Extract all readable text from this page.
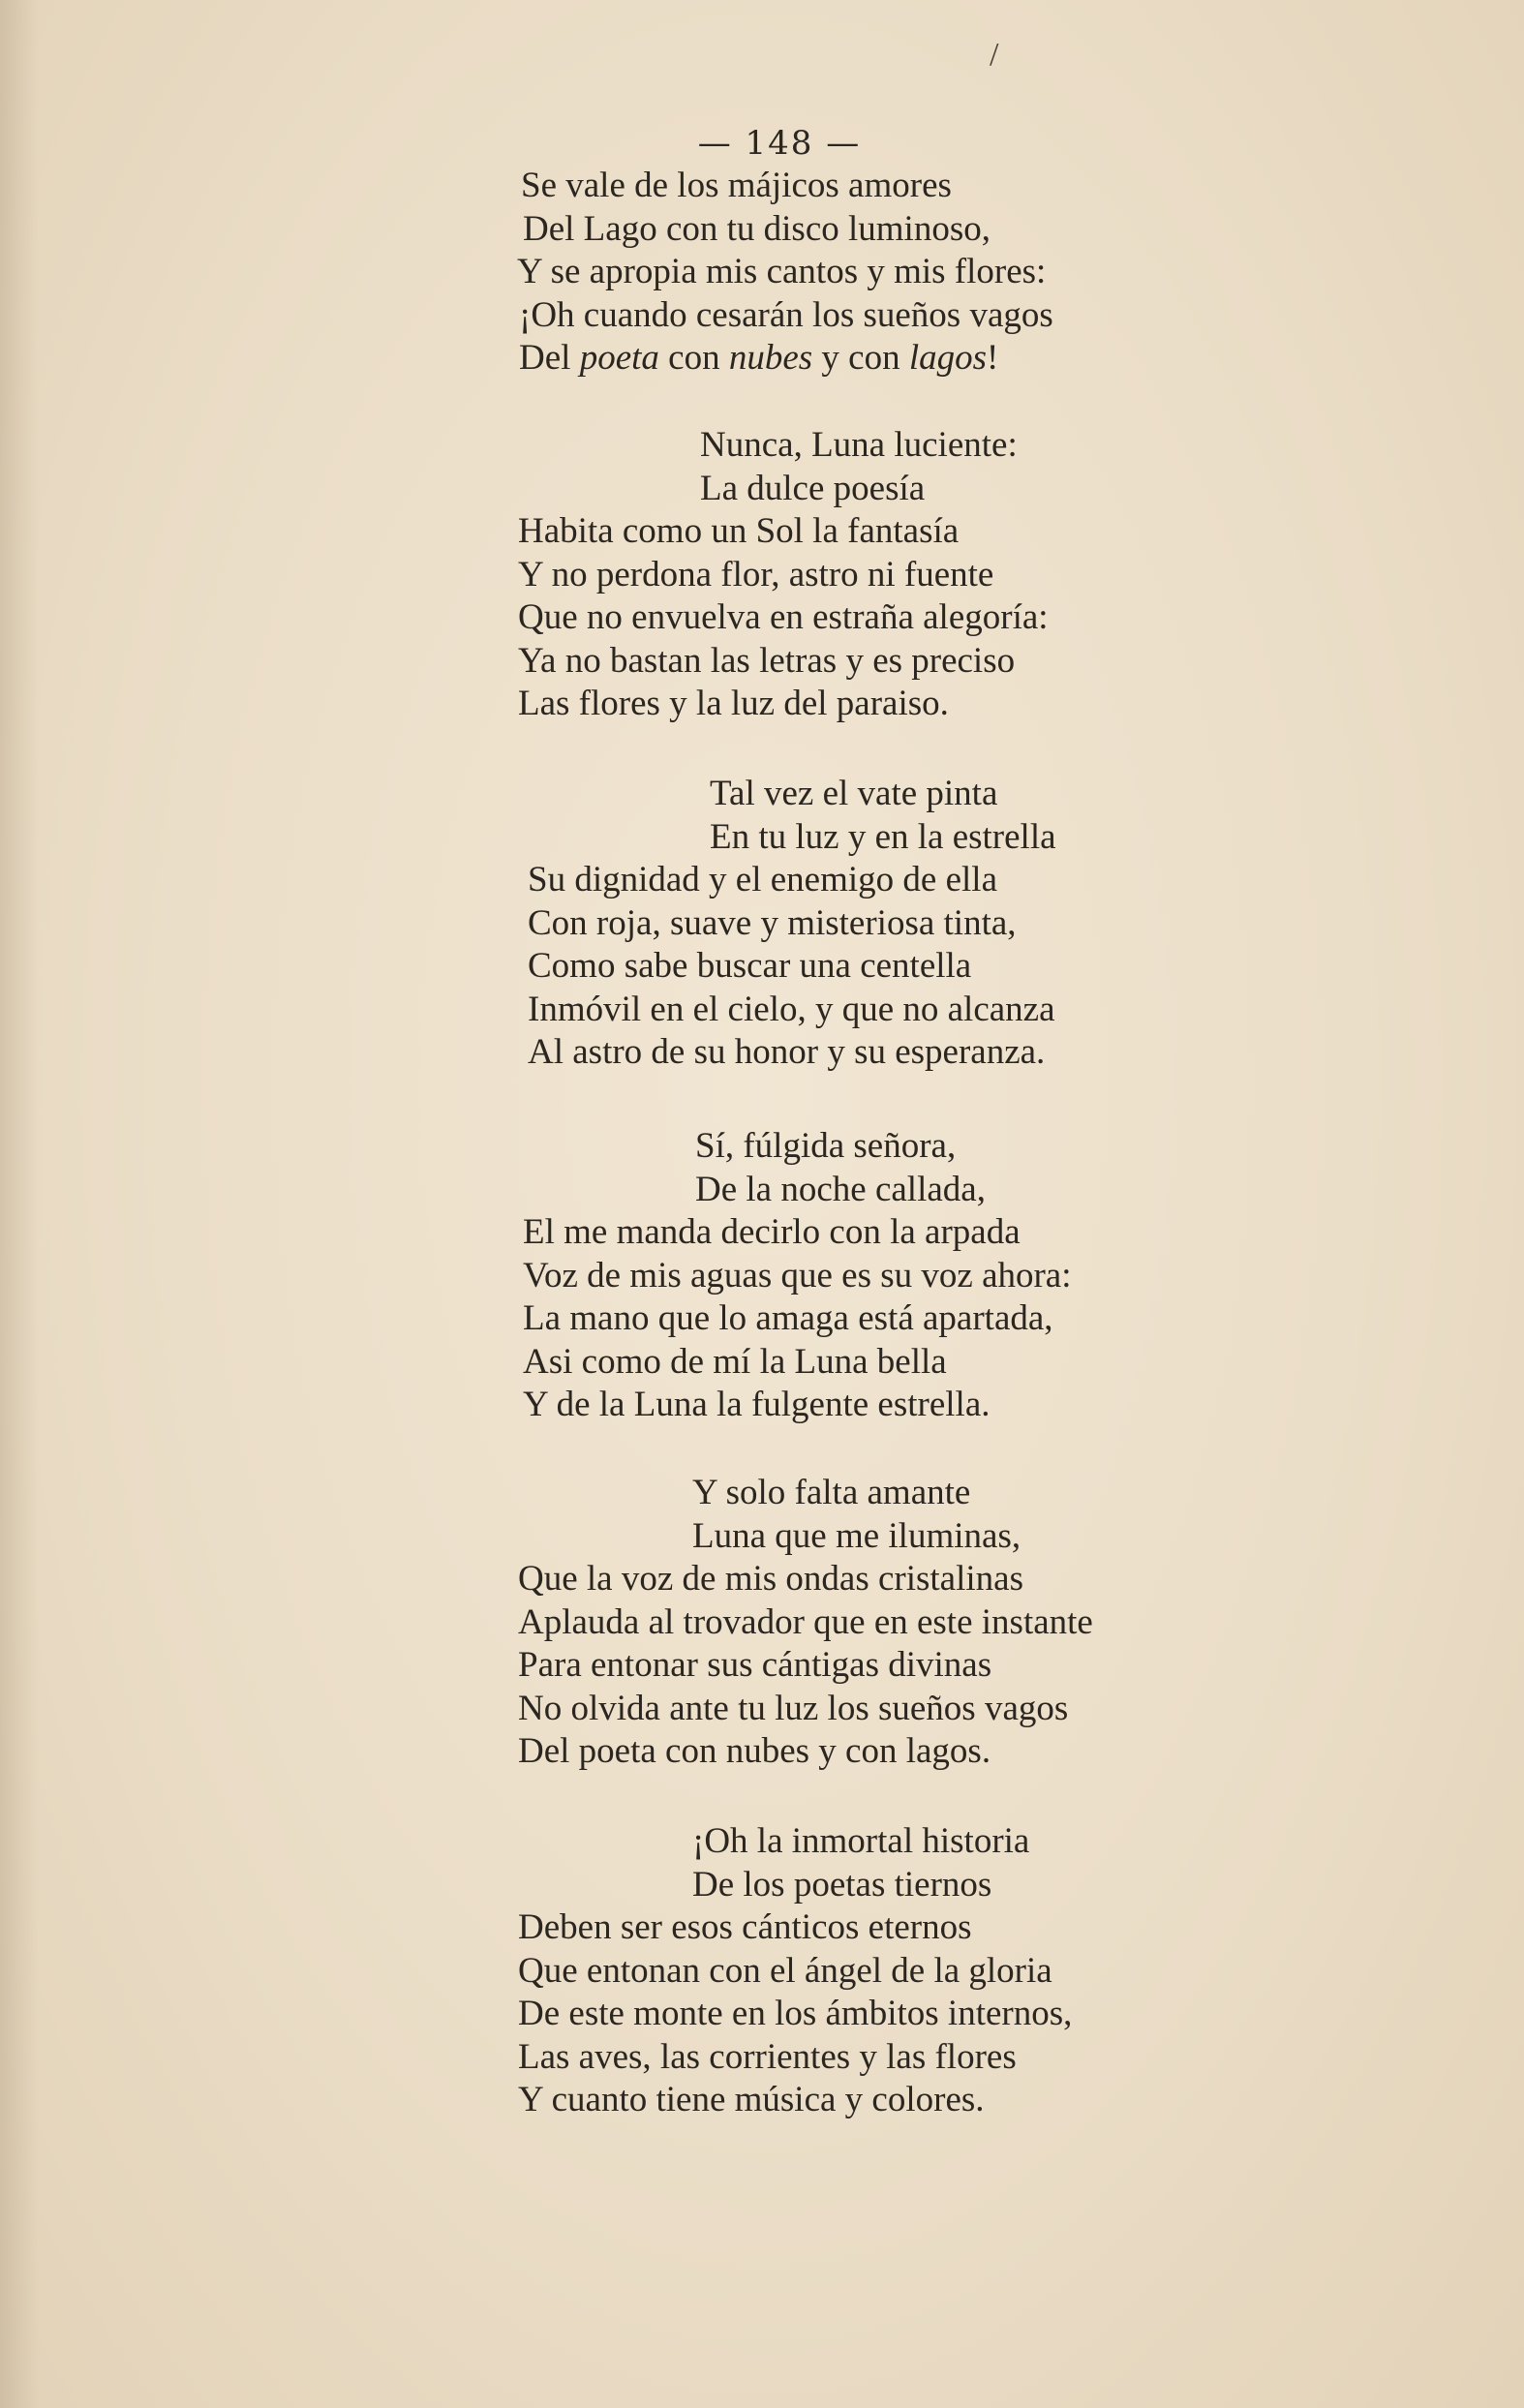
/
— 148 —
Se vale de los májicos amores
Del Lago con tu disco luminoso,
Y se apropia mis cantos y mis flores:
¡Oh cuando cesarán los sueños vagos
Del poeta con nubes y con lagos!
Nunca, Luna luciente:
La dulce poesía
Habita como un Sol la fantasía
Y no perdona flor, astro ni fuente
Que no envuelva en estraña alegoría:
Ya no bastan las letras y es preciso
Las flores y la luz del paraiso.
Tal vez el vate pinta
En tu luz y en la estrella
Su dignidad y el enemigo de ella
Con roja, suave y misteriosa tinta,
Como sabe buscar una centella
Inmóvil en el cielo, y que no alcanza
Al astro de su honor y su esperanza.
Sí, fúlgida señora,
De la noche callada,
El me manda decirlo con la arpada
Voz de mis aguas que es su voz ahora:
La mano que lo amaga está apartada,
Asi como de mí la Luna bella
Y de la Luna la fulgente estrella.
Y solo falta amante
Luna que me iluminas,
Que la voz de mis ondas cristalinas
Aplauda al trovador que en este instante
Para entonar sus cántigas divinas
No olvida ante tu luz los sueños vagos
Del poeta con nubes y con lagos.
¡Oh la inmortal historia
De los poetas tiernos
Deben ser esos cánticos eternos
Que entonan con el ángel de la gloria
De este monte en los ámbitos internos,
Las aves, las corrientes y las flores
Y cuanto tiene música y colores.
